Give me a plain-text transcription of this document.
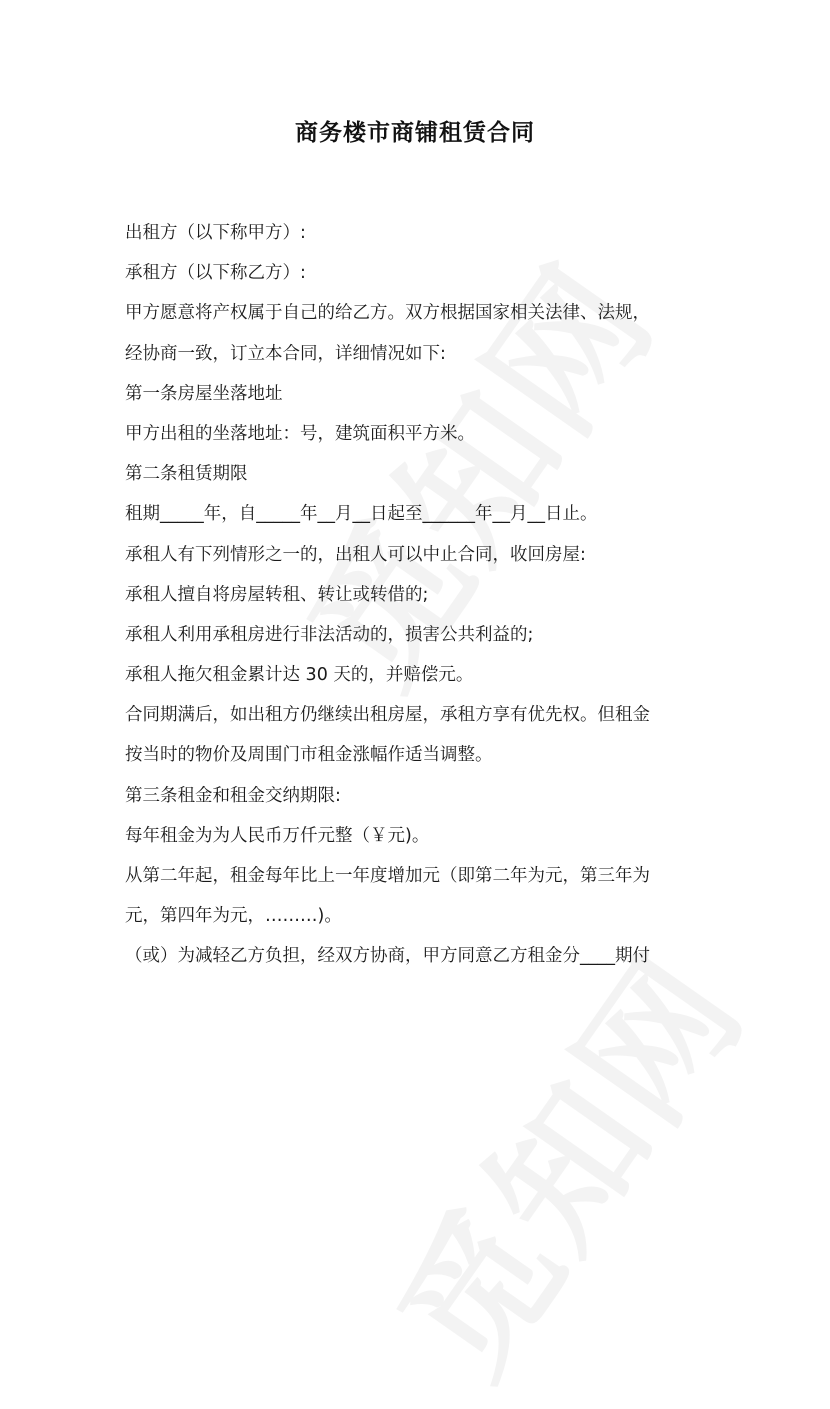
商务楼市商铺租赁合同

出租方（以下称甲方）:

承租方（以下称乙方）:

甲方愿意将产权属于自己的给乙方。双方根据国家相关法律、法规，

经协商一致，订立本合同，详细情况如下:

第一条房屋坐落地址

甲方出租的坐落地址：号，建筑面积平方米。

第二条租赁期限

租期_____年，自_____年__月__日起至______年__月__日止。

承租人有下列情形之一的，出租人可以中止合同，收回房屋:

承租人擅自将房屋转租、转让或转借的;

承租人利用承租房进行非法活动的，损害公共利益的;

承租人拖欠租金累计达 30 天的，并赔偿元。

合同期满后，如出租方仍继续出租房屋，承租方享有优先权。但租金

按当时的物价及周围门市租金涨幅作适当调整。

第三条租金和租金交纳期限:

每年租金为为人民币万仟元整（￥元)。

从第二年起，租金每年比上一年度增加元（即第二年为元，第三年为

元，第四年为元，………)。

（或）为减轻乙方负担，经双方协商，甲方同意乙方租金分____期付
